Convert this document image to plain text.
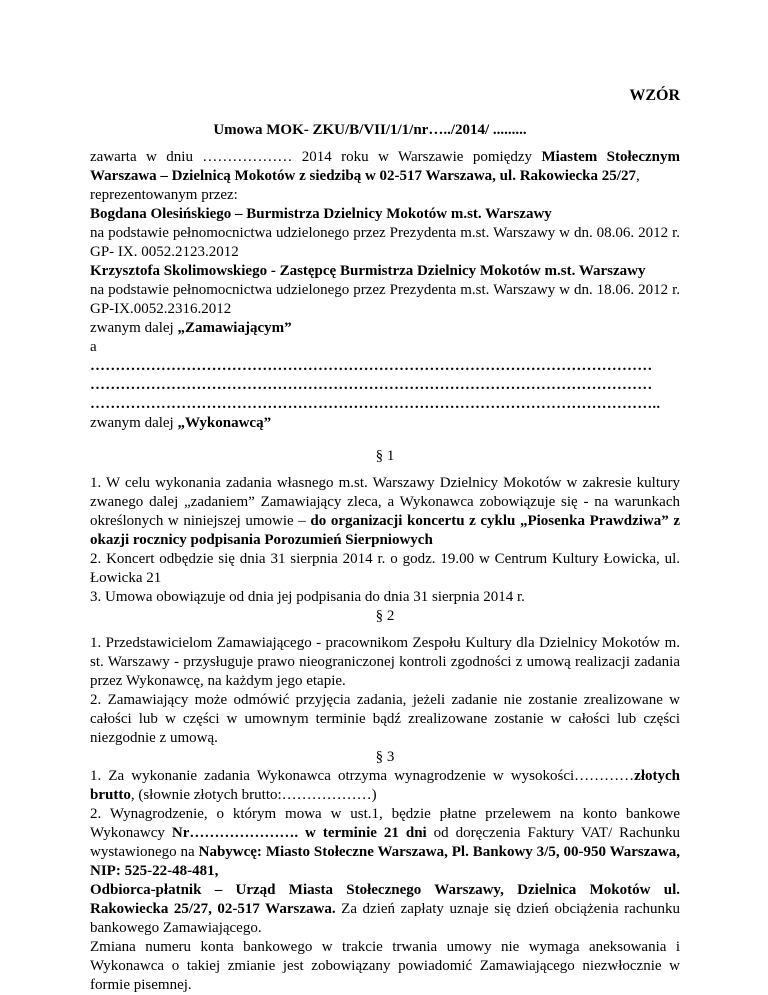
WZÓR
Umowa MOK- ZKU/B/VII/1/1/nr…../2014/ .........

zawarta w dniu ……………… 2014 roku w Warszawie pomiędzy Miastem Stołecznym Warszawa – Dzielnicą Mokotów z siedzibą w 02-517 Warszawa, ul. Rakowiecka 25/27,

reprezentowanym przez:

Bogdana Olesińskiego – Burmistrza Dzielnicy Mokotów m.st. Warszawy

na podstawie pełnomocnictwa udzielonego przez Prezydenta m.st. Warszawy w dn. 08.06. 2012 r. GP- IX. 0052.2123.2012

Krzysztofa Skolimowskiego - Zastępcę Burmistrza Dzielnicy Mokotów m.st. Warszawy

na podstawie pełnomocnictwa udzielonego przez Prezydenta m.st. Warszawy w dn. 18.06. 2012 r. GP-IX.0052.2316.2012

zwanym dalej „Zamawiającym”

a

…………………………………………………………………………………………………

…………………………………………………………………………………………………

…………………………………………………………………………………………………..

zwanym dalej „Wykonawcą”

§ 1

1. W celu wykonania zadania własnego m.st. Warszawy Dzielnicy Mokotów w zakresie kultury zwanego dalej „zadaniem” Zamawiający zleca, a Wykonawca zobowiązuje się - na warunkach określonych w niniejszej umowie – do organizacji koncertu z cyklu „Piosenka Prawdziwa” z okazji rocznicy podpisania Porozumień Sierpniowych

2. Koncert odbędzie się dnia 31 sierpnia 2014 r. o godz. 19.00 w Centrum Kultury Łowicka, ul. Łowicka 21

3. Umowa obowiązuje od dnia jej podpisania do dnia 31 sierpnia 2014 r.

§ 2

1. Przedstawicielom Zamawiającego - pracownikom Zespołu Kultury dla Dzielnicy Mokotów m. st. Warszawy - przysługuje prawo nieograniczonej kontroli zgodności z umową realizacji zadania przez Wykonawcę, na każdym jego etapie.

2. Zamawiający może odmówić przyjęcia zadania, jeżeli zadanie nie zostanie zrealizowane w całości lub w części w umownym terminie bądź zrealizowane zostanie w całości lub części niezgodnie z umową.

§ 3

1. Za wykonanie zadania Wykonawca otrzyma wynagrodzenie w wysokości…………złotych brutto, (słownie złotych brutto:………………)

2. Wynagrodzenie, o którym mowa w ust.1, będzie płatne przelewem na konto bankowe Wykonawcy Nr…………………. w terminie 21 dni od doręczenia Faktury VAT/ Rachunku wystawionego na Nabywcę: Miasto Stołeczne Warszawa, Pl. Bankowy 3/5, 00-950 Warszawa, NIP: 525-22-48-481,

Odbiorca-płatnik – Urząd Miasta Stołecznego Warszawy, Dzielnica Mokotów ul. Rakowiecka 25/27, 02-517 Warszawa. Za dzień zapłaty uznaje się dzień obciążenia rachunku bankowego Zamawiającego.

Zmiana numeru konta bankowego w trakcie trwania umowy nie wymaga aneksowania i Wykonawca o takiej zmianie jest zobowiązany powiadomić Zamawiającego niezwłocznie w formie pisemnej.
